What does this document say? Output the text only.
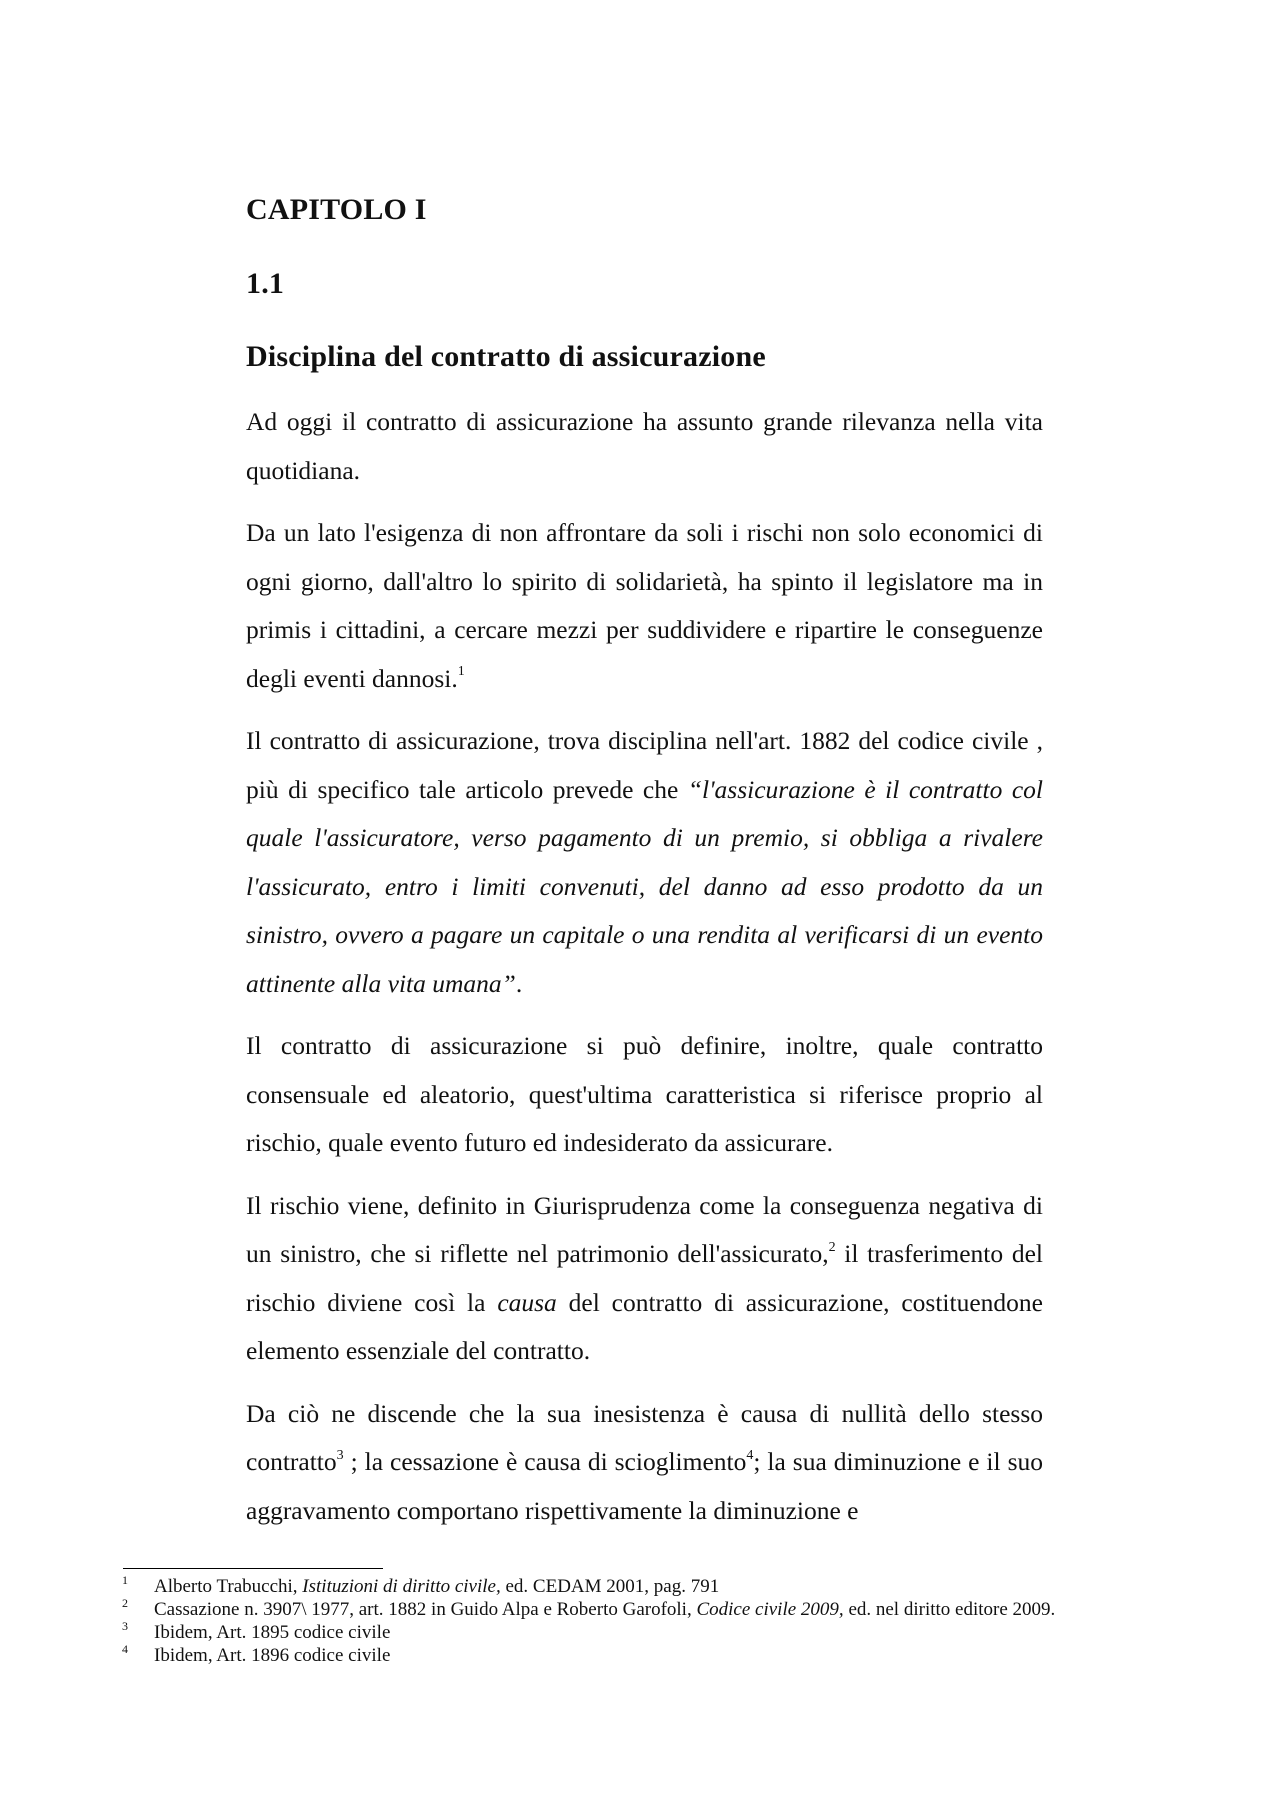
CAPITOLO I
1.1
Disciplina del contratto di assicurazione

Ad oggi il contratto di assicurazione ha assunto grande rilevanza nella vita quotidiana.

Da un lato l'esigenza di non affrontare da soli i rischi non solo economici di ogni giorno, dall'altro lo spirito di solidarietà, ha spinto il legislatore ma in primis i cittadini, a cercare mezzi per suddividere e ripartire le conseguenze degli eventi dannosi.$^1$

Il contratto di assicurazione, trova disciplina nell'art. 1882 del codice civile , più di specifico tale articolo prevede che “l'assicurazione è il contratto col quale l'assicuratore, verso pagamento di un premio, si obbliga a rivalere l'assicurato, entro i limiti convenuti, del danno ad esso prodotto da un sinistro, ovvero a pagare un capitale o una rendita al verificarsi di un evento attinente alla vita umana”.

Il contratto di assicurazione si può definire, inoltre, quale contratto consensuale ed aleatorio, quest'ultima caratteristica si riferisce proprio al rischio, quale evento futuro ed indesiderato da assicurare.

Il rischio viene, definito in Giurisprudenza come la conseguenza negativa di un sinistro, che si riflette nel patrimonio dell'assicurato,$^2$ il trasferimento del rischio diviene così la causa del contratto di assicurazione, costituendone elemento essenziale del contratto.

Da ciò ne discende che la sua inesistenza è causa di nullità dello stesso contratto$^3$ ; la cessazione è causa di scioglimento$^4$; la sua diminuzione e il suo aggravamento comportano rispettivamente la diminuzione e

1	Alberto Trabucchi, Istituzioni di diritto civile, ed. CEDAM 2001, pag. 791
2	Cassazione n. 3907\ 1977, art. 1882 in Guido Alpa e Roberto Garofoli, Codice civile 2009, ed. nel diritto editore 2009.
3	Ibidem, Art. 1895 codice civile
4	Ibidem, Art. 1896 codice civile
